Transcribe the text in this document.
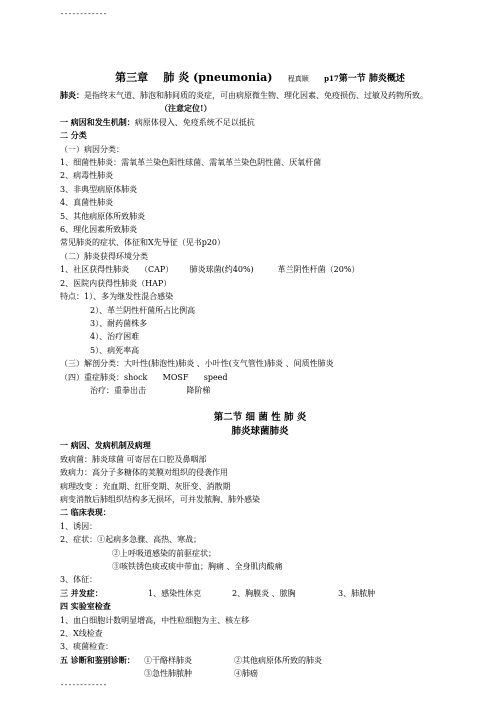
------------
第三章 肺 炎 (pneumonia) 程真顺 p17第一节 肺炎概述
肺炎：是指终末气道、肺泡和肺间质的炎症，可由病原微生物、理化因素、免疫损伤、过敏及药物所致。
（注意定位!）
一 病因和发生机制：病原体侵入、免疫系统不足以抵抗
二 分类
（一）病因分类：
1、细菌性肺炎：需氧革兰染色阳性球菌、需氧革兰染色阴性菌、厌氧杆菌
2、病毒性肺炎
3、非典型病原体肺炎
4、真菌性肺炎
5、其他病原体所致肺炎
6、理化因素所致肺炎
常见肺炎的症状、体征和X先导征（见书p20）
（二）肺炎获得环境分类
1、社区获得性肺炎 （CAP） 肺炎球菌(约40%)	革兰阴性杆菌（20%）
2、医院内获得性肺炎（HAP）
特点：1）、多为继发性混合感染
2）、革兰阴性杆菌所占比例高
3）、耐药菌株多
4）、治疗困难
5）、病死率高
（三）解剖分类：大叶性(肺泡性)肺炎 、小叶性(支气管性)肺炎 、间质性肺炎
（四）重症肺炎：shock MOSF speed
治疗：重拳出击	降阶梯
第二节 细 菌 性 肺 炎
肺炎球菌肺炎
一 病因、发病机制及病理
致病菌：肺炎球菌 可寄居在口腔及鼻咽部
致病力：高分子多糖体的荚膜对组织的侵袭作用
病理改变 ：充血期、红肝变期、灰肝变、消散期
病变消散后肺组织结构多无损坏，可并发脓胸、肺外感染
二 临床表现：
1、诱因：
2、症状：①起病多急骤、高热、寒战；
②上呼吸道感染的前驱症状；
③咳铁锈色痰或痰中带血；胸痛 、全身肌肉酸痛
3、体征：
三 并发症：	1、感染性休克	2、胸膜炎 、脓胸	3、肺脓肿
四 实验室检查
1、血白细胞计数明显增高，中性粒细胞为主、核左移
2、X线检查
3、痰菌检查：
五 诊断和鉴别诊断： ①干酪样肺炎	②其他病原体所致的肺炎
③急性肺脓肿	④肺癌
------------
